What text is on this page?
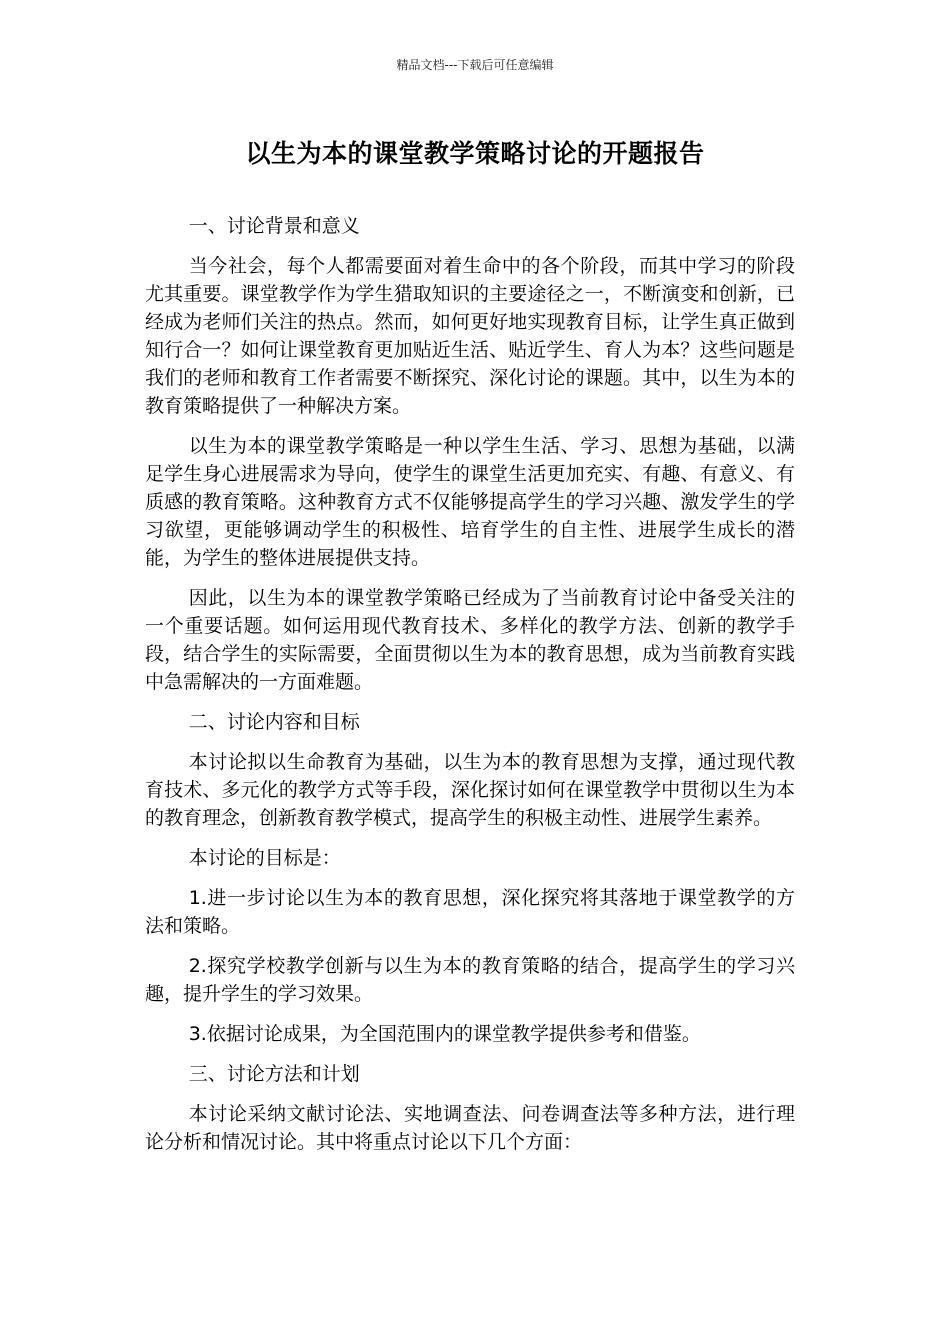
精品文档---下载后可任意编辑
以生为本的课堂教学策略讨论的开题报告

一、讨论背景和意义

当今社会，每个人都需要面对着生命中的各个阶段，而其中学习的阶段尤其重要。课堂教学作为学生猎取知识的主要途径之一，不断演变和创新，已经成为老师们关注的热点。然而，如何更好地实现教育目标，让学生真正做到知行合一？如何让课堂教育更加贴近生活、贴近学生、育人为本？这些问题是我们的老师和教育工作者需要不断探究、深化讨论的课题。其中，以生为本的教育策略提供了一种解决方案。

以生为本的课堂教学策略是一种以学生生活、学习、思想为基础，以满足学生身心进展需求为导向，使学生的课堂生活更加充实、有趣、有意义、有质感的教育策略。这种教育方式不仅能够提高学生的学习兴趣、激发学生的学习欲望，更能够调动学生的积极性、培育学生的自主性、进展学生成长的潜能，为学生的整体进展提供支持。

因此，以生为本的课堂教学策略已经成为了当前教育讨论中备受关注的一个重要话题。如何运用现代教育技术、多样化的教学方法、创新的教学手段，结合学生的实际需要，全面贯彻以生为本的教育思想，成为当前教育实践中急需解决的一方面难题。

二、讨论内容和目标

本讨论拟以生命教育为基础，以生为本的教育思想为支撑，通过现代教育技术、多元化的教学方式等手段，深化探讨如何在课堂教学中贯彻以生为本的教育理念，创新教育教学模式，提高学生的积极主动性、进展学生素养。

本讨论的目标是：

1.进一步讨论以生为本的教育思想，深化探究将其落地于课堂教学的方法和策略。

2.探究学校教学创新与以生为本的教育策略的结合，提高学生的学习兴趣，提升学生的学习效果。

3.依据讨论成果，为全国范围内的课堂教学提供参考和借鉴。

三、讨论方法和计划

本讨论采纳文献讨论法、实地调查法、问卷调查法等多种方法，进行理论分析和情况讨论。其中将重点讨论以下几个方面：
